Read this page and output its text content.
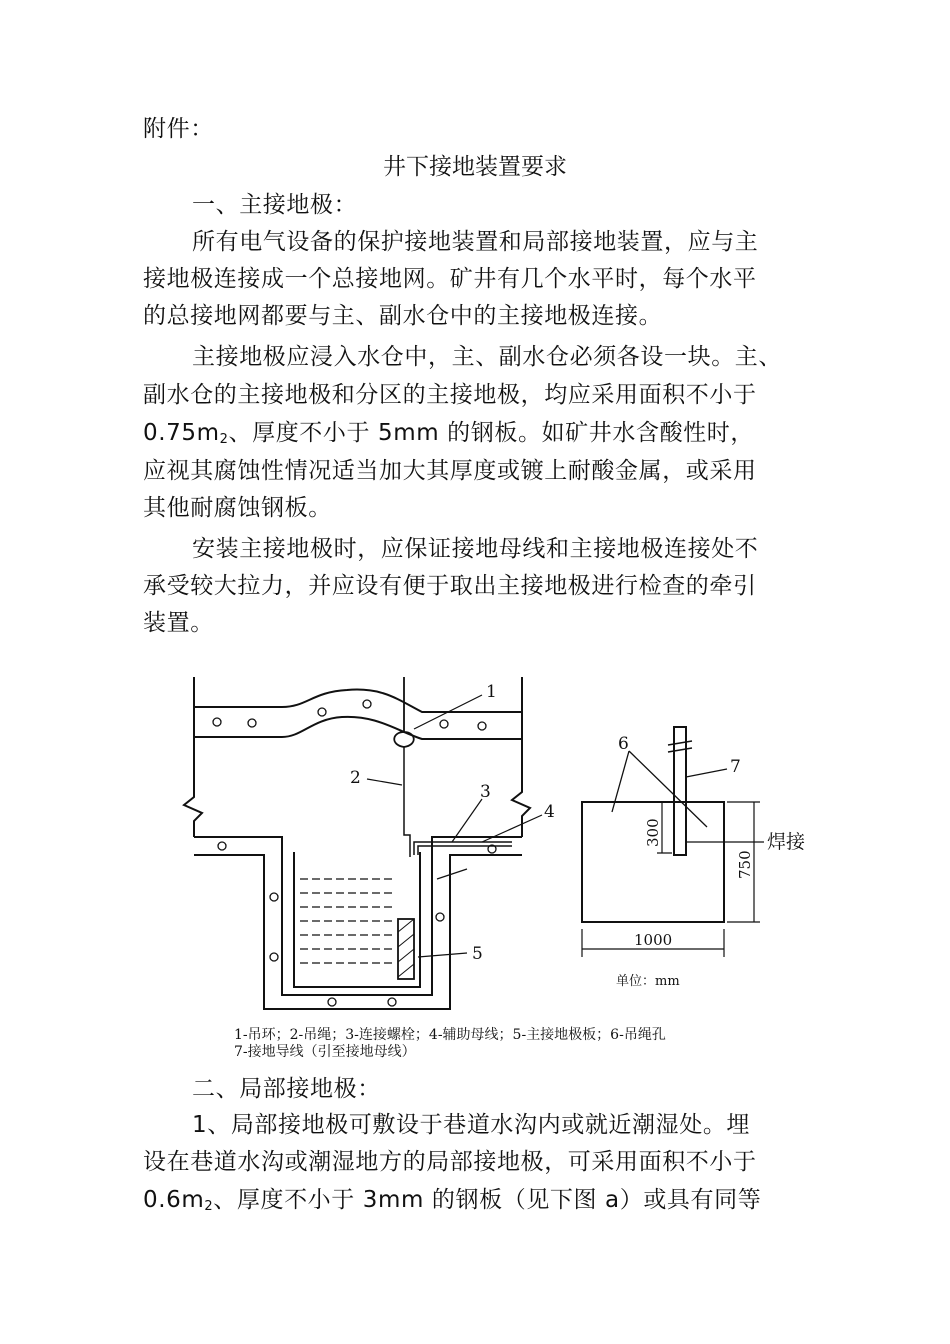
附件：
井下接地装置要求
一、主接地极：
所有电气设备的保护接地装置和局部接地装置，应与主
接地极连接成一个总接地网。矿井有几个水平时，每个水平
的总接地网都要与主、副水仓中的主接地极连接。
主接地极应浸入水仓中，主、副水仓必须各设一块。主、
副水仓的主接地极和分区的主接地极，均应采用面积不小于
$0.75m_2$、厚度不小于 5mm 的钢板。如矿井水含酸性时，
应视其腐蚀性情况适当加大其厚度或镀上耐酸金属，或采用
其他耐腐蚀钢板。
安装主接地极时，应保证接地母线和主接地极连接处不
承受较大拉力，并应设有便于取出主接地极进行检查的牵引
装置。
1
2
3
4
5
6
7
300
750
焊接
1000
单位：mm
1-吊环；2-吊绳；3-连接螺栓；4-辅助母线；5-主接地极板；6-吊绳孔
7-接地导线（引至接地母线）
二、局部接地极：
1、局部接地极可敷设于巷道水沟内或就近潮湿处。埋
设在巷道水沟或潮湿地方的局部接地极，可采用面积不小于
$0.6m_2$、厚度不小于 3mm 的钢板（见下图 a）或具有同等
